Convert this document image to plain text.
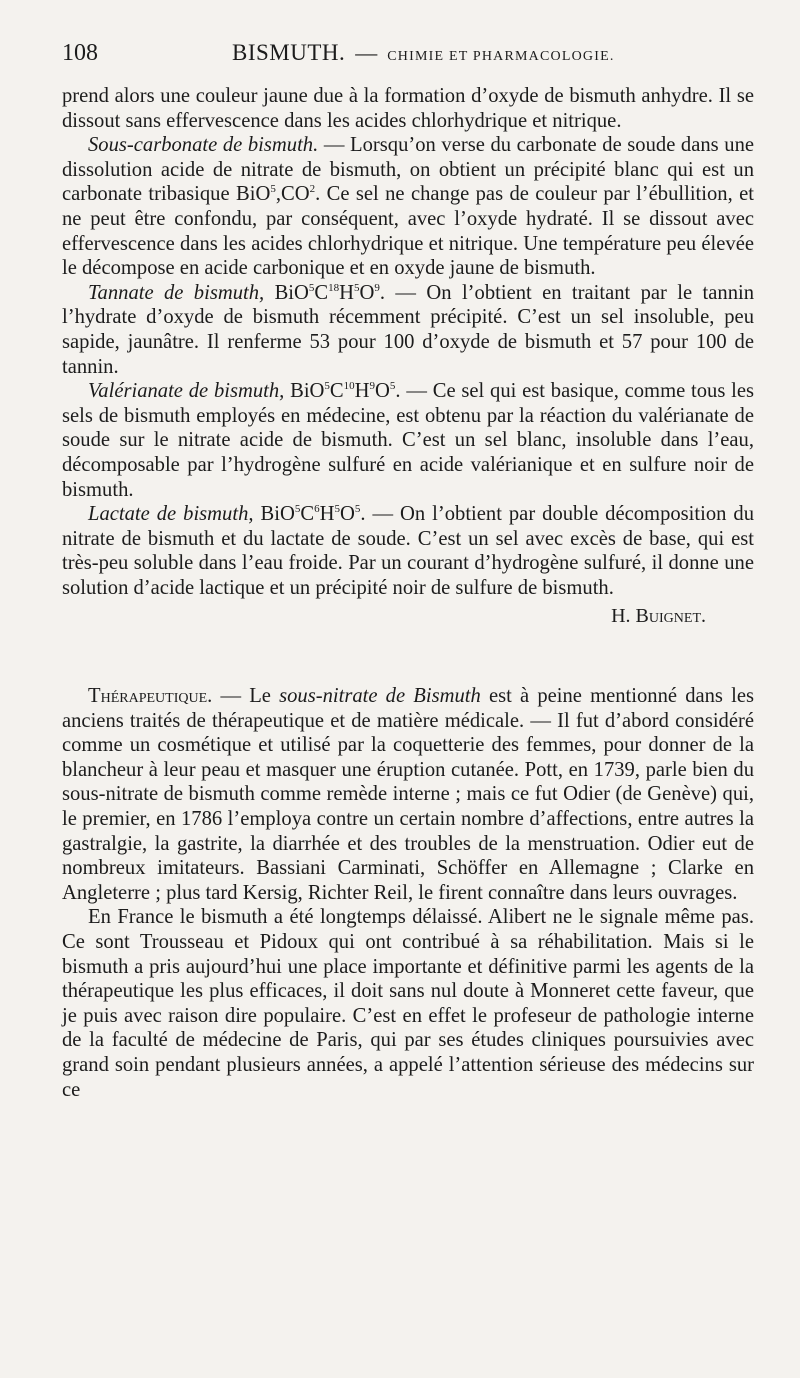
108	BISMUTH. — CHIMIE ET PHARMACOLOGIE.

prend alors une couleur jaune due à la formation d’oxyde de bismuth anhydre. Il se dissout sans effervescence dans les acides chlorhydrique et nitrique.

Sous-carbonate de bismuth. — Lorsqu’on verse du carbonate de soude dans une dissolution acide de nitrate de bismuth, on obtient un précipité blanc qui est un carbonate tribasique $BiO^5,CO^2$. Ce sel ne change pas de couleur par l’ébullition, et ne peut être confondu, par conséquent, avec l’oxyde hydraté. Il se dissout avec effervescence dans les acides chlorhydrique et nitrique. Une température peu élevée le décompose en acide carbonique et en oxyde jaune de bismuth.

Tannate de bismuth, $BiO^5C^{18}H^5O^9$. — On l’obtient en traitant par le tannin l’hydrate d’oxyde de bismuth récemment précipité. C’est un sel insoluble, peu sapide, jaunâtre. Il renferme 53 pour 100 d’oxyde de bismuth et 57 pour 100 de tannin.

Valérianate de bismuth, $BiO^5C^{10}H^9O^5$. — Ce sel qui est basique, comme tous les sels de bismuth employés en médecine, est obtenu par la réaction du valérianate de soude sur le nitrate acide de bismuth. C’est un sel blanc, insoluble dans l’eau, décomposable par l’hydrogène sulfuré en acide valérianique et en sulfure noir de bismuth.

Lactate de bismuth, $BiO^5C^6H^5O^5$. — On l’obtient par double décomposition du nitrate de bismuth et du lactate de soude. C’est un sel avec excès de base, qui est très-peu soluble dans l’eau froide. Par un courant d’hydrogène sulfuré, il donne une solution d’acide lactique et un précipité noir de sulfure de bismuth.

H. Buignet.

Thérapeutique. — Le sous-nitrate de Bismuth est à peine mentionné dans les anciens traités de thérapeutique et de matière médicale. — Il fut d’abord considéré comme un cosmétique et utilisé par la coquetterie des femmes, pour donner de la blancheur à leur peau et masquer une éruption cutanée. Pott, en 1739, parle bien du sous-nitrate de bismuth comme remède interne ; mais ce fut Odier (de Genève) qui, le premier, en 1786 l’employa contre un certain nombre d’affections, entre autres la gastralgie, la gastrite, la diarrhée et des troubles de la menstruation. Odier eut de nombreux imitateurs. Bassiani Carminati, Schöffer en Allemagne ; Clarke en Angleterre ; plus tard Kersig, Richter Reil, le firent connaître dans leurs ouvrages.

En France le bismuth a été longtemps délaissé. Alibert ne le signale même pas. Ce sont Trousseau et Pidoux qui ont contribué à sa réhabilitation. Mais si le bismuth a pris aujourd’hui une place importante et définitive parmi les agents de la thérapeutique les plus efficaces, il doit sans nul doute à Monneret cette faveur, que je puis avec raison dire populaire. C’est en effet le profeseur de pathologie interne de la faculté de médecine de Paris, qui par ses études cliniques poursuivies avec grand soin pendant plusieurs années, a appelé l’attention sérieuse des médecins sur ce
